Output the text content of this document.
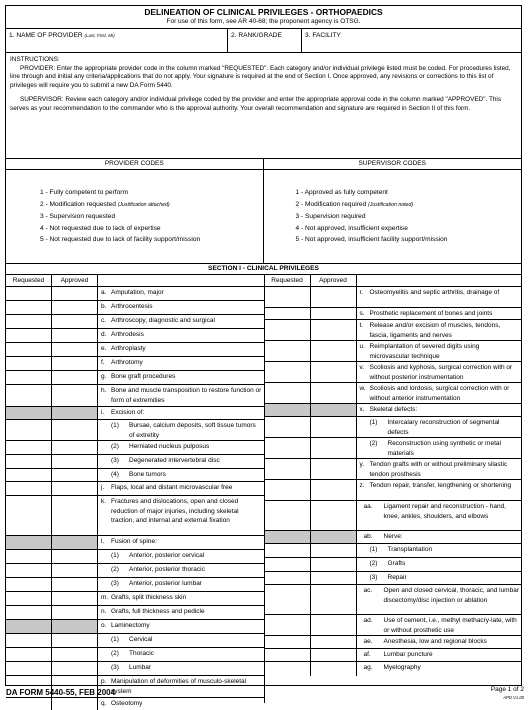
DELINEATION OF CLINICAL PRIVILEGES - ORTHOPAEDICS
For use of this form, see AR 40-68; the proponent agency is OTSG.
1. NAME OF PROVIDER (Last, First, MI)	2. RANK/GRADE	3. FACILITY

INSTRUCTIONS:

PROVIDER: Enter the appropriate provider code in the column marked "REQUESTED". Each category and/or individual privilege listed must be coded. For procedures listed, line through and initial any criteria/applications that do not apply. Your signature is required at the end of Section I. Once approved, any revisions or corrections to this list of privileges will require you to submit a new DA Form 5440.

SUPERVISOR: Review each category and/or individual privilege coded by the provider and enter the appropriate approval code in the column marked "APPROVED". This serves as your recommendation to the commander who is the approval authority. Your overall recommendation and signature are required in Section II of this form.

PROVIDER CODES
1 - Fully competent to perform
2 - Modification requested (Justification attached)
3 - Supervision requested
4 - Not requested due to lack of expertise
5 - Not requested due to lack of facility support/mission
SUPERVISOR CODES
1 - Approved as fully competent
2 - Modification required (Justification noted)
3 - Supervision required
4 - Not approved, insufficient expertise
5 - Not approved, insufficient facility support/mission
SECTION I - CLINICAL PRIVILEGES
Requested	Approved
a. Amputation, major
b. Arthrocentesis
c. Arthroscopy, diagnostic and surgical
d. Arthrodesis
e. Arthroplasty
f. Arthrotomy
g. Bone graft procedures
h. Bone and muscle transposition to restore function or form of extremities
i.	Excision of:
(1)	Bursae, calcium deposits, soft tissue tumors of extretity
(2)	Herniated nucleus pulposus
(3)	Degenerated intervertebral disc
(4)	Bone tumors
j.	Flaps, local and distant microvascular free
k. Fractures and dislocations, open and closed reduction of major injuries, including skeletal traction, and internal and external fixation
l.	Fusion of spine:
(1)	Anterior, posterior cervical
(2)	Anterior, posterior thoracic
(3)	Anterior, posterior lumbar
m. Grafts, split thickness skin
n. Grafts, full thickness and pedicle
o. Laminectomy
(1)	Cervical
(2)	Thoracic
(3)	Lumbar
p. Manipulation of deformities of musculo-skeletal system
q. Osteotomy
Requested	Approved
r. Osteomyelitis and septic arthritis, drainage of
s. Prosthetic replacement of bones and joints
t. Release and/or excision of muscles, tendons, fascia, ligaments and nerves
u. Reimplantation of severed digits using microvascular technique
v. Scoliosis and kyphosis, surgical correction with or without posterior instrumentation
w. Scoliosis and lordosis, surgical correction with or without anterior instrumentation
x. Skeletal defects:
(1)	Intercalary reconstruction of segmental defects
(2)	Reconstruction using synthetic or metal materials
y. Tendon grafts with or without preliminary silastic tendon prosthesis
z. Tendon repair, transfer, lengthening or shortening
aa.	Ligament repair and reconstruction - hand, knee, ankles, shoulders, and elbows
ab.	Nerve:
(1)	Transplantation
(2)	Grafts
(3)	Repair
ac.	Open and closed cervical, thoracic, and lumbar discectomy/disc injection or ablation
ad.	Use of cement, i.e., methyl methacry-late, with or without prosthetic use
ae.	Anesthesia, low and regional blocks
af.	Lumbar puncture
ag.	Myelography
DA FORM 5440-55, FEB 2004	Page 1 of 2
APD V1.00
